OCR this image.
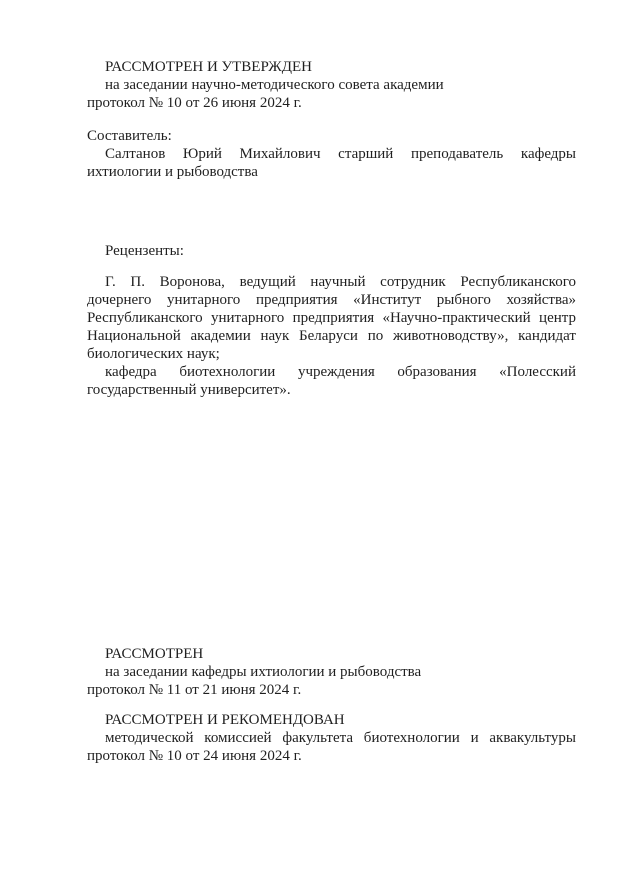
РАССМОТРЕН И УТВЕРЖДЕН

на заседании научно-методического совета академии

протокол № 10 от 26 июня 2024 г.

Составитель:

Салтанов Юрий Михайлович старший преподаватель кафедры

ихтиологии и рыбоводства

Рецензенты:

Г. П. Воронова, ведущий научный сотрудник Республиканского

дочернего унитарного предприятия «Институт рыбного хозяйства»

Республиканского унитарного предприятия «Научно-практический центр

Национальной академии наук Беларуси по животноводству», кандидат

биологических наук;

кафедра биотехнологии учреждения образования «Полесский

государственный университет».

РАССМОТРЕН

на заседании кафедры ихтиологии и рыбоводства

протокол № 11 от 21 июня 2024 г.

РАССМОТРЕН И РЕКОМЕНДОВАН

методической комиссией факультета биотехнологии и аквакультуры

протокол № 10 от 24 июня 2024 г.
